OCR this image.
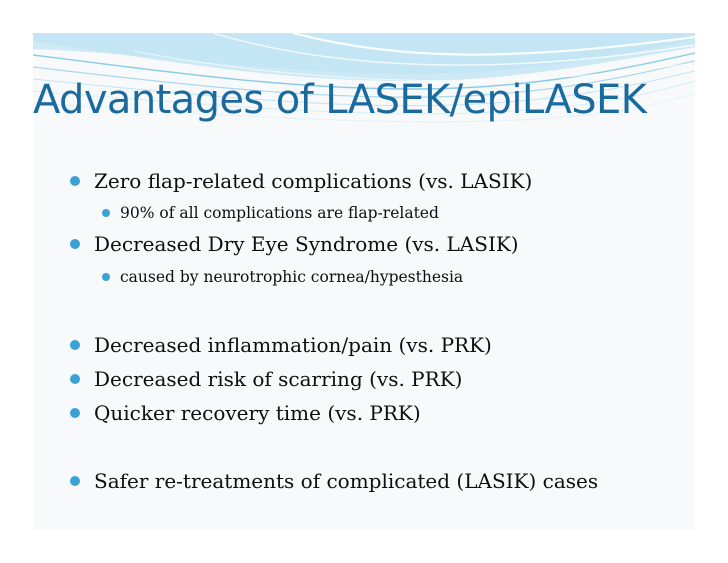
Advantages of LASEK/epiLASEK
Zero flap-related complications (vs. LASIK)
90% of all complications are flap-related
Decreased Dry Eye Syndrome (vs. LASIK)
caused by neurotrophic cornea/hypesthesia
Decreased inflammation/pain (vs. PRK)
Decreased risk of scarring (vs. PRK)
Quicker recovery time (vs. PRK)
Safer re-treatments of complicated (LASIK) cases
